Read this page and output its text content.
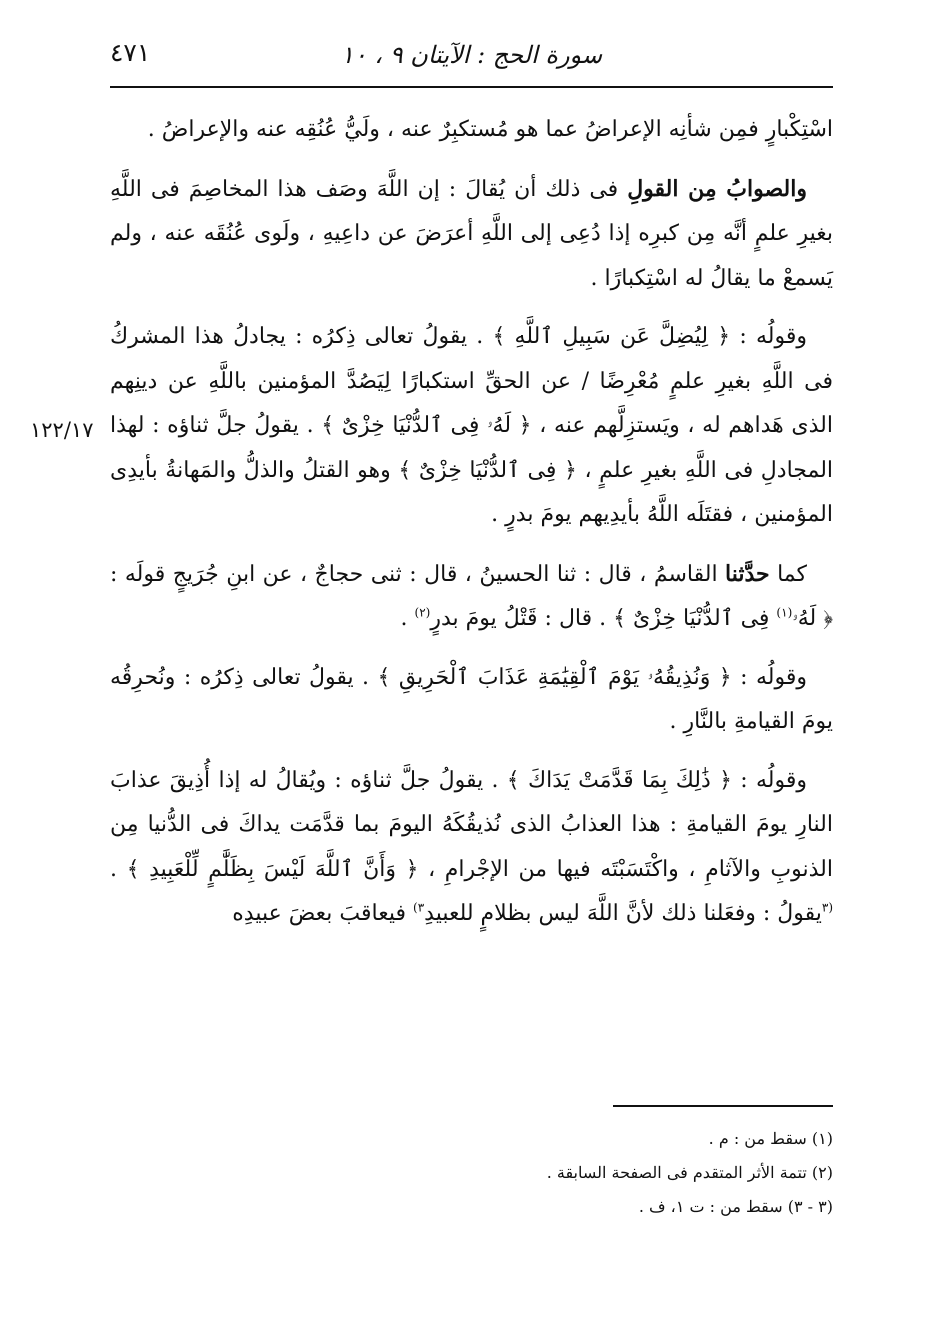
٤٧١	سورة الحج : الآيتان ٩ ، ١٠
١٢٢/١٧

اسْتِكْبارٍ فمِن شأنِه الإعراضُ عما هو مُستكبِرٌ عنه ، ولَيُّ عُنُقِه عنه والإعراضُ .

والصوابُ مِن القولِ فى ذلك أن يُقالَ : إن اللَّهَ وصَف هذا المخاصِمَ فى اللَّهِ بغيرِ علمٍ أنَّه مِن كبرِه إذا دُعِى إلى اللَّهِ أعرَضَ عن داعِيهِ ، ولَوى عُنُقَه عنه ، ولم يَسمعْ ما يقالُ له اسْتِكبارًا .

وقولُه : ﴿ لِيُضِلَّ عَن سَبِيلِ ٱللَّهِ ﴾ . يقولُ تعالى ذِكرُه : يجادلُ هذا المشركُ فى اللَّهِ بغيرِ علمٍ مُعْرِضًا / عن الحقِّ استكبارًا لِيَصُدَّ المؤمنين باللَّهِ عن دينِهم الذى هَداهم له ، ويَستزِلَّهم عنه ، ﴿ لَهُۥ فِى ٱلدُّنْيَا خِزْىٌ ﴾ . يقولُ جلَّ ثناؤه : لهذا المجادلِ فى اللَّهِ بغيرِ علمٍ ، ﴿ فِى ٱلدُّنْيَا خِزْىٌ ﴾ وهو القتلُ والذلُّ والمَهانةُ بأيدِى المؤمنين ، فقتَلَه اللَّهُ بأيدِيهم يومَ بدرٍ .

كما حدَّثنا القاسمُ ، قال : ثنا الحسينُ ، قال : ثنى حجاجٌ ، عن ابنِ جُرَيجٍ قولَه : ﴿ لَهُۥ$^{(١)}$ فِى ٱلدُّنْيَا خِزْىٌ ﴾ . قال : قَتْلُ يومَ بدرٍ$^{(٢)}$ .

وقولُه : ﴿ وَنُذِيقُهُۥ يَوْمَ ٱلْقِيَٰمَةِ عَذَابَ ٱلْحَرِيقِ ﴾ . يقولُ تعالى ذِكرُه : ونُحرِقُه يومَ القيامةِ بالنَّارِ .

وقولُه : ﴿ ذَٰلِكَ بِمَا قَدَّمَتْ يَدَاكَ ﴾ . يقولُ جلَّ ثناؤه : ويُقالُ له إذا أُذِيقَ عذابَ النارِ يومَ القيامةِ : هذا العذابُ الذى نُذيقُكَهُ اليومَ بما قدَّمَت يداكَ فى الدُّنيا مِن الذنوبِ والآثامِ ، واكْتَسَبْتَه فيها من الإجْرامِ ، ﴿ وَأَنَّ ٱللَّهَ لَيْسَ بِظَلَّٰمٍ لِّلْعَبِيدِ ﴾ . $^{(٣}$يقولُ : وفعَلنا ذلك لأنَّ اللَّهَ ليس بظلامٍ للعبيدِ$^{٣)}$ فيعاقبَ بعضَ عبيدِه

(١) سقط من : م .

(٢) تتمة الأثر المتقدم فى الصفحة السابقة .

(٣ - ٣) سقط من : ت ١، ف .
